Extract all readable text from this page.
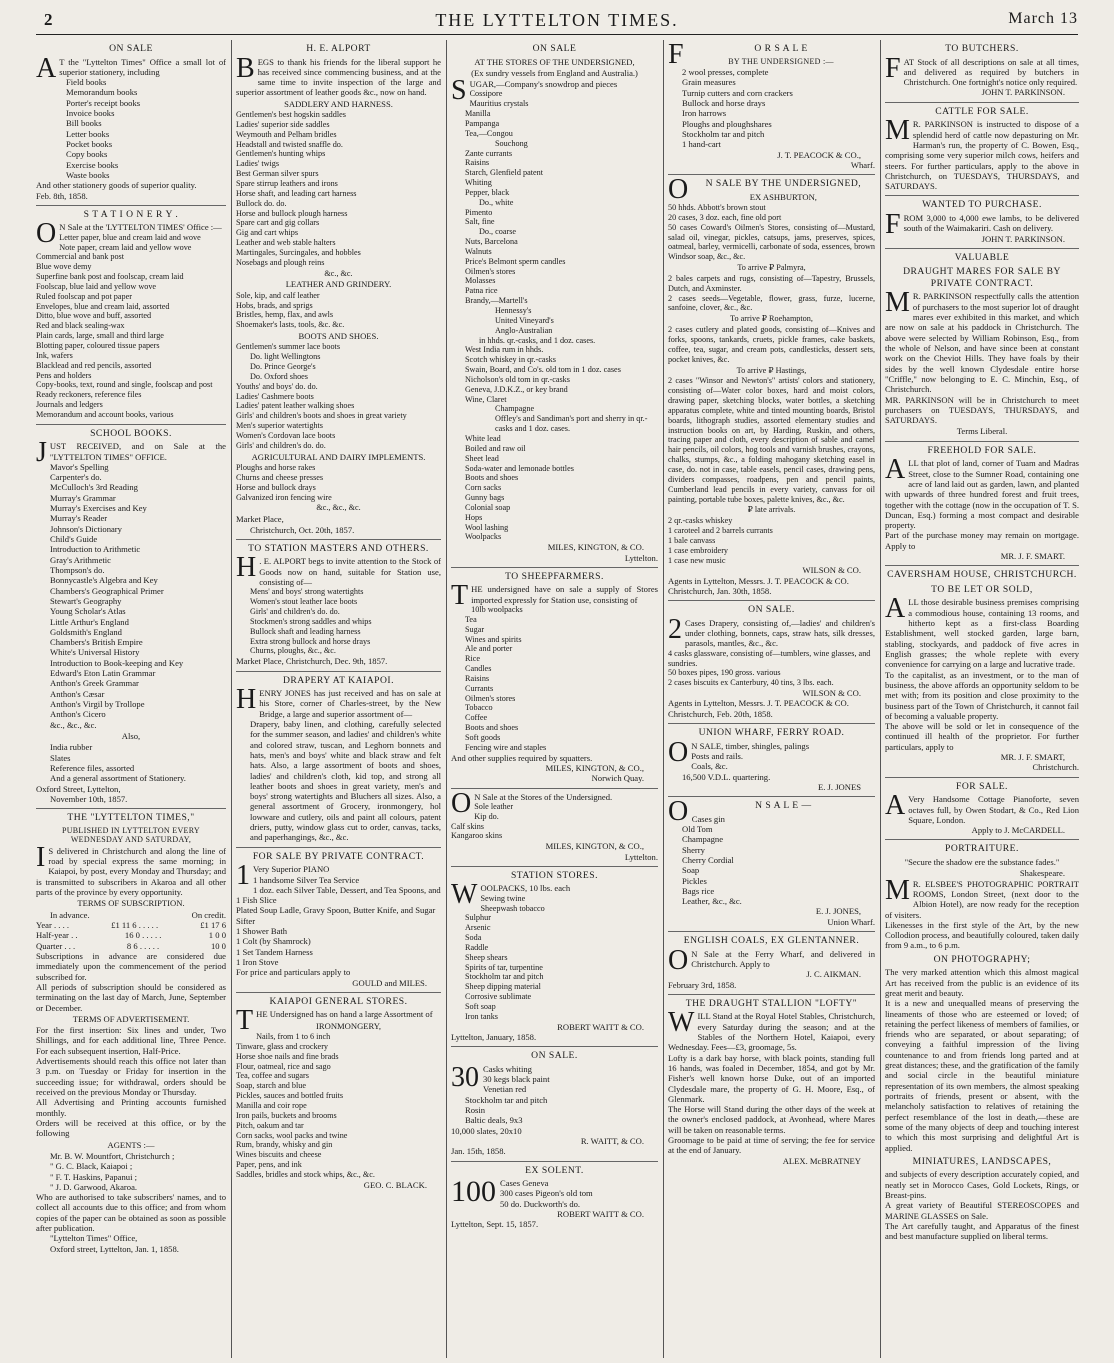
2	THE LYTTELTON TIMES.	March 13
ON SALE
A T the "Lyttelton Times" Office a small lot of superior stationery, including
Field books
Memorandum books
Porter's receipt books
Invoice books
Bill books
Letter books
Pocket books
Copy books
Exercise books
Waste books
And other stationery goods of superior quality.
Feb. 8th, 1858.
S T A T I O N E R Y .
O N Sale at the 'LYTTELTON TIMES' Office :—
Letter paper, blue and cream laid and wove
Note paper, cream laid and yellow wove
Commercial and bank post
Blue wove demy
Superfine bank post and foolscap, cream laid
Foolscap, blue laid and yellow wove
Ruled foolscap and pot paper
Envelopes, blue and cream laid, assorted
Ditto, blue wove and buff, assorted
Red and black sealing-wax
Plain cards, large, small and third large
Blotting paper, coloured tissue papers
Ink, wafers
Blacklead and red pencils, assorted
Pens and holders
Copy-books, text, round and single, foolscap and post
Ready reckoners, reference files
Journals and ledgers
Memorandum and account books, various
SCHOOL BOOKS.
JUST RECEIVED, and on Sale at the "LYTTELTON TIMES" OFFICE.
Mavor's Spelling
Carpenter's do.
McCulloch's 3rd Reading
Murray's Grammar
Murray's Exercises and Key
Murray's Reader
Johnson's Dictionary
Child's Guide
Introduction to Arithmetic
Gray's Arithmetic
Thompson's do.
Bonnycastle's Algebra and Key
Chambers's Geographical Primer
Stewart's Geography
Young Scholar's Atlas
Little Arthur's England
Goldsmith's England
Chambers's British Empire
White's Universal History
Introduction to Book-keeping and Key
Edward's Eton Latin Grammar
Anthon's Greek Grammar
Anthon's Cæsar
Anthon's Virgil by Trollope
Anthon's Cicero
&c., &c., &c.
Also,
India rubber
Slates
Reference files, assorted
And a general assortment of Stationery.
Oxford Street, Lyttelton,
November 10th, 1857.
THE "LYTTELTON TIMES,"
PUBLISHED IN LYTTELTON EVERY WEDNESDAY AND SATURDAY,
I S delivered in Christchurch and along the line of road by special express the same morning; in Kaiapoi, by post, every Monday and Thursday; and is transmitted to subscribers in Akaroa and all other parts of the province by every opportunity.
TERMS OF SUBSCRIPTION.
In advance.	On credit.
Year . . . .	£1 11 6 . . . . .	£1 17 6
Half-year . .	16 0 . . . . .	1 0 0
Quarter . . .	8 6 . . . . .	10 0
Subscriptions in advance are considered due immediately upon the commencement of the period subscribed for.
All periods of subscription should be considered as terminating on the last day of March, June, September or December.
TERMS OF ADVERTISEMENT.
For the first insertion: Six lines and under, Two Shillings, and for each additional line, Three Pence. For each subsequent insertion, Half-Price.
Advertisements should reach this office not later than 3 p.m. on Tuesday or Friday for insertion in the succeeding issue; for withdrawal, orders should be received on the previous Monday or Thursday.
All Advertising and Printing accounts furnished monthly.
Orders will be received at this office, or by the following
AGENTS :—
Mr. B. W. Mountfort, Christchurch ;
" G. C. Black, Kaiapoi ;
" F. T. Haskins, Papanui ;
" J. D. Garwood, Akaroa.
Who are authorised to take subscribers' names, and to collect all accounts due to this office; and from whom copies of the paper can be obtained as soon as possible after publication.
"Lyttelton Times" Office,
Oxford street, Lyttelton, Jan. 1, 1858.
H. E. ALPORT
BEGS to thank his friends for the liberal support he has received since commencing business, and at the same time to invite inspection of the large and superior assortment of leather goods &c., now on hand.
SADDLERY AND HARNESS.
Gentlemen's best hogskin saddles
Ladies' superior side saddles
Weymouth and Pelham bridles
Headstall and twisted snaffle do.
Gentlemen's hunting whips
Ladies' twigs
Best German silver spurs
Spare stirrup leathers and irons
Horse shaft, and leading cart harness
Bullock do. do.
Horse and bullock plough harness
Spare cart and gig collars
Gig and cart whips
Leather and web stable halters
Martingales, Surcingales, and hobbles
Nosebags and plough reins
&c., &c.
LEATHER AND GRINDERY.
Sole, kip, and calf leather
Hobs, brads, and sprigs
Bristles, hemp, flax, and awls
Shoemaker's lasts, tools, &c. &c.
BOOTS AND SHOES.
Gentlemen's summer lace boots
Do. light Wellingtons
Do. Prince George's
Do. Oxford shoes
Youths' and boys' do. do.
Ladies' Cashmere boots
Ladies' patent leather walking shoes
Girls' and children's boots and shoes in great variety
Men's superior watertights
Women's Cordovan lace boots
Girls' and children's do. do.
AGRICULTURAL AND DAIRY IMPLEMENTS.
Ploughs and horse rakes
Churns and cheese presses
Horse and bullock drays
Galvanized iron fencing wire
&c., &c., &c.
Market Place,
Christchurch, Oct. 20th, 1857.
TO STATION MASTERS AND OTHERS.
H . E. ALPORT begs to invite attention to the Stock of Goods now on hand, suitable for Station use, consisting of—
Mens' and boys' strong watertights
Women's stout leather lace boots
Girls' and children's do. do.
Stockmen's strong saddles and whips
Bullock shaft and leading harness
Extra strong bullock and horse drays
Churns, ploughs, &c., &c.
Market Place, Christchurch, Dec. 9th, 1857.
DRAPERY AT KAIAPOI.
HENRY JONES has just received and has on sale at his Store, corner of Charles-street, by the New Bridge, a large and superior assortment of—
Drapery, baby linen, and clothing, carefully selected for the summer season, and ladies' and children's white and colored straw, tuscan, and Leghorn bonnets and hats, men's and boys' white and black straw and felt hats. Also, a large assortment of boots and shoes, ladies' and children's cloth, kid top, and strong all leather boots and shoes in great variety, men's and boys' strong watertights and Bluchers all sizes. Also, a general assortment of Grocery, ironmongery, hol lowware and cutlery, oils and paint all colours, patent driers, putty, window glass cut to order, canvas, tacks, and paperhangings, &c., &c.
FOR SALE BY PRIVATE CONTRACT.
1 Very Superior PIANO
1 handsome Silver Tea Service
1 doz. each Silver Table, Dessert, and Tea Spoons, and 1 Fish Slice
Plated Soup Ladle, Gravy Spoon, Butter Knife, and Sugar Sifter
1 Shower Bath
1 Colt (by Shamrock)
1 Set Tandem Harness
1 Iron Stove
For price and particulars apply to
GOULD and MILES.
KAIAPOI GENERAL STORES.
THE Undersigned has on hand a large Assortment of
IRONMONGERY,
Nails, from 1 to 6 inch
Tinware, glass and crockery
Horse shoe nails and fine brads
Flour, oatmeal, rice and sago
Tea, coffee and sugars
Soap, starch and blue
Pickles, sauces and bottled fruits
Manilla and coir rope
Iron pails, buckets and brooms
Pitch, oakum and tar
Corn sacks, wool packs and twine
Rum, brandy, whisky and gin
Wines biscuits and cheese
Paper, pens, and ink
Saddles, bridles and stock whips, &c., &c.
GEO. C. BLACK.
ON SALE
AT THE STORES OF THE UNDERSIGNED,
(Ex sundry vessels from England and Australia.)
SUGAR,—Company's snowdrop and pieces
Cossipore
Mauritius crystals
Manilla
Pampanga
Tea,—Congou
Souchong
Zante currants
Raisins
Starch, Glenfield patent
Whiting
Pepper, black
Do., white
Pimento
Salt, fine
Do., coarse
Nuts, Barcelona
Walnuts
Price's Belmont sperm candles
Oilmen's stores
Molasses
Patna rice
Brandy,—Martell's
Hennessy's
United Vineyard's
Anglo-Australian
in hhds. qr.-casks, and 1 doz. cases.
West India rum in hhds.
Scotch whiskey in qr.-casks
Swain, Board, and Co's. old tom in 1 doz. cases
Nicholson's old tom in qr.-casks
Geneva, J.D.K.Z., or key brand
Wine, Claret
Champagne
Offley's and Sandiman's port and sherry in qr.-casks and 1 doz. cases.
White lead
Boiled and raw oil
Sheet lead
Soda-water and lemonade bottles
Boots and shoes
Corn sacks
Gunny bags
Colonial soap
Hops
Wool lashing
Woolpacks
MILES, KINGTON, & CO.
Lyttelton.
TO SHEEPFARMERS.
THE undersigned have on sale a supply of Stores imported expressly for Station use, consisting of
10lb woolpacks
Tea
Sugar
Wines and spirits
Ale and porter
Rice
Candles
Raisins
Currants
Oilmen's stores
Tobacco
Coffee
Boots and shoes
Soft goods
Fencing wire and staples
And other supplies required by squatters.
MILES, KINGTON, & CO.,
Norwich Quay.
O N Sale at the Stores of the Undersigned.
Sole leather
Kip do.
Calf skins
Kangaroo skins
MILES, KINGTON, & CO.,
Lyttelton.
STATION STORES.
WOOLPACKS, 10 lbs. each
Sewing twine
Sheepwash tobacco
Sulphur
Arsenic
Soda
Raddle
Sheep shears
Spirits of tar, turpentine
Stockholm tar and pitch
Sheep dipping material
Corrosive sublimate
Soft soap
Iron tanks
ROBERT WAITT & CO.
Lyttelton, January, 1858.
ON SALE.
30 Casks whiting
30 kegs black paint
Venetian red
Stockholm tar and pitch
Rosin
Baltic deals, 9x3
10,000 slates, 20x10
R. WAITT, & CO.
Jan. 15th, 1858.
EX SOLENT.
100 Cases Geneva
300 cases Pigeon's old tom
50 do. Duckworth's do.
ROBERT WAITT & CO.
Lyttelton, Sept. 15, 1857.
F	O R S A L E
BY THE UNDERSIGNED :—
2 wool presses, complete
Grain measures
Turnip cutters and corn crackers
Bullock and horse drays
Iron harrows
Ploughs and ploughshares
Stockholm tar and pitch
1 hand-cart
J. T. PEACOCK & CO.,
Wharf.
O N SALE BY THE UNDERSIGNED,
EX ASHBURTON,
50 hhds. Abbott's brown stout
20 cases, 3 doz. each, fine old port
50 cases Coward's Oilmen's Stores, consisting of—Mustard, salad oil, vinegar, pickles, catsups, jams, preserves, spices, oatmeal, barley, vermicelli, carbonate of soda, essences, brown Windsor soap, &c., &c.
To arrive ₽ Palmyra,
2 bales carpets and rugs, consisting of—Tapestry, Brussels, Dutch, and Axminster.
2 cases seeds—Vegetable, flower, grass, furze, lucerne, sanfoine, clover, &c., &c.
To arrive ₽ Roehampton,
2 cases cutlery and plated goods, consisting of—Knives and forks, spoons, tankards, cruets, pickle frames, cake baskets, coffee, tea, sugar, and cream pots, candlesticks, dessert sets, pocket knives, &c.
To arrive ₽ Hastings,
2 cases "Winsor and Newton's" artists' colors and stationery, consisting of—Water color boxes, hard and moist colors, drawing paper, sketching blocks, water bottles, a sketching apparatus complete, white and tinted mounting boards, Bristol boards, lithograph studies, assorted elementary studies and instruction books on art, by Harding, Ruskin, and others, tracing paper and cloth, every description of sable and camel hair pencils, oil colors, hog tools and varnish brushes, crayons, chalks, stumps, &c., a folding mahogany sketching easel in case, do. not in case, table easels, pencil cases, drawing pens, dividers compasses, roadpens, pen and pencil paints, Cumberland lead pencils in every variety, canvass for oil painting, portable tube boxes, palette knives, &c., &c.
₽ late arrivals.
2 qr.-casks whiskey
1 caroteel and 2 barrels currants
1 bale canvass
1 case embroidery
1 case new music
WILSON & CO.
Agents in Lyttelton, Messrs. J. T. PEACOCK & CO.
Christchurch, Jan. 30th, 1858.
ON SALE.
2 Cases Drapery, consisting of,—ladies' and children's under clothing, bonnets, caps, straw hats, silk dresses, parasols, mantles, &c., &c.
4 casks glassware, consisting of—tumblers, wine glasses, and sundries.
50 boxes pipes, 190 gross. various
2 cases biscuits ex Canterbury, 40 tins, 3 lbs. each.
WILSON & CO.
Agents in Lyttelton, Messrs. J. T. PEACOCK & CO.
Christchurch, Feb. 20th, 1858.
UNION WHARF, FERRY ROAD.
O N SALE, timber, shingles, palings
Posts and rails.
Coals, &c.
16,500 V.D.L. quartering.
E. J. JONES
O	N S A L E —
Cases gin
Old Tom
Champagne
Sherry
Cherry Cordial
Soap
Pickles
Bags rice
Leather, &c., &c.
E. J. JONES,
Union Wharf.
ENGLISH COALS, EX GLENTANNER.
O N Sale at the Ferry Wharf, and delivered in Christchurch. Apply to
J. C. AIKMAN.
February 3rd, 1858.
THE DRAUGHT STALLION "LOFTY"
WILL Stand at the Royal Hotel Stables, Christchurch, every Saturday during the season; and at the Stables of the Northern Hotel, Kaiapoi, every Wednesday. Fees—£3, groomage, 5s.
Lofty is a dark bay horse, with black points, standing full 16 hands, was foaled in December, 1854, and got by Mr. Fisher's well known horse Duke, out of an imported Clydesdale mare, the property of G. H. Moore, Esq., of Glenmark.
The Horse will Stand during the other days of the week at the owner's enclosed paddock, at Avonhead, where Mares will be taken on reasonable terms.
Groomage to be paid at time of serving; the fee for service at the end of January.
ALEX. McBRATNEY
TO BUTCHERS.
FAT Stock of all descriptions on sale at all times, and delivered as required by butchers in Christchurch. One fortnight's notice only required.
JOHN T. PARKINSON.
CATTLE FOR SALE.
M R. PARKINSON is instructed to dispose of a splendid herd of cattle now depasturing on Mr. Harman's run, the property of C. Bowen, Esq., comprising some very superior milch cows, heifers and steers. For further particulars, apply to the above in Christchurch, on TUESDAYS, THURSDAYS, and SATURDAYS.
WANTED TO PURCHASE.
FROM 3,000 to 4,000 ewe lambs, to be delivered south of the Waimakariri. Cash on delivery.
JOHN T. PARKINSON.
VALUABLE
DRAUGHT MARES FOR SALE BY PRIVATE CONTRACT.
M R. PARKINSON respectfully calls the attention of purchasers to the most superior lot of draught mares ever exhibited in this market, and which are now on sale at his paddock in Christchurch. The above were selected by William Robinson, Esq., from the whole of Nelson, and have since been at constant work on the Cheviot Hills. They have foals by their sides by the well known Clydesdale entire horse "Criffle," now belonging to E. C. Minchin, Esq., of Christchurch.
MR. PARKINSON will be in Christchurch to meet purchasers on TUESDAYS, THURSDAYS, and SATURDAYS.
Terms Liberal.
FREEHOLD FOR SALE.
ALL that plot of land, corner of Tuam and Madras Street, close to the Sumner Road, containing one acre of land laid out as garden, lawn, and planted with upwards of three hundred forest and fruit trees, together with the cottage (now in the occupation of T. S. Duncan, Esq.) forming a most compact and desirable property.
Part of the purchase money may remain on mortgage. Apply to
MR. J. F. SMART.
CAVERSHAM HOUSE, CHRISTCHURCH.
TO BE LET OR SOLD,
ALL those desirable business premises comprising a commodious house, containing 13 rooms, and hitherto kept as a first-class Boarding Establishment, well stocked garden, large barn, stabling, stockyards, and paddock of five acres in English grasses; the whole replete with every convenience for carrying on a large and lucrative trade.
To the capitalist, as an investment, or to the man of business, the above affords an opportunity seldom to be met with; from its position and close proximity to the business part of the Town of Christchurch, it cannot fail of becoming a valuable property.
The above will be sold or let in consequence of the continued ill health of the proprietor. For further particulars, apply to
MR. J. F. SMART,
Christchurch.
FOR SALE.
A Very Handsome Cottage Pianoforte, seven octaves full, by Owen Stodart, & Co., Red Lion Square, London.
Apply to J. McCARDELL.
PORTRAITURE.
"Secure the shadow ere the substance fades."
Shakespeare.
M R. ELSBEE'S PHOTOGRAPHIC PORTRAIT ROOMS, London Street, (next door to the Albion Hotel), are now ready for the reception of visiters.
Likenesses in the first style of the Art, by the new Collodion process, and beautifully coloured, taken daily from 9 a.m., to 6 p.m.
ON PHOTOGRAPHY;
The very marked attention which this almost magical Art has received from the public is an evidence of its great merit and beauty.
It is a new and unequalled means of preserving the lineaments of those who are esteemed or loved; of retaining the perfect likeness of members of families, or friends who are separated, or about separating; of conveying a faithful impression of the living countenance to and from friends long parted and at great distances; these, and the gratification of the family and social circle in the beautiful miniature representation of its own members, the almost speaking portraits of friends, present or absent, with the melancholy satisfaction to relatives of retaining the perfect resemblance of the lost in death,—these are some of the many objects of deep and touching interest to which this most surprising and delightful Art is applied.
MINIATURES, LANDSCAPES,
and subjects of every description accurately copied, and neatly set in Morocco Cases, Gold Lockets, Rings, or Breast-pins.
A great variety of Beautiful STEREOSCOPES and MARINE GLASSES on Sale.
The Art carefully taught, and Apparatus of the finest and best manufacture supplied on liberal terms.
